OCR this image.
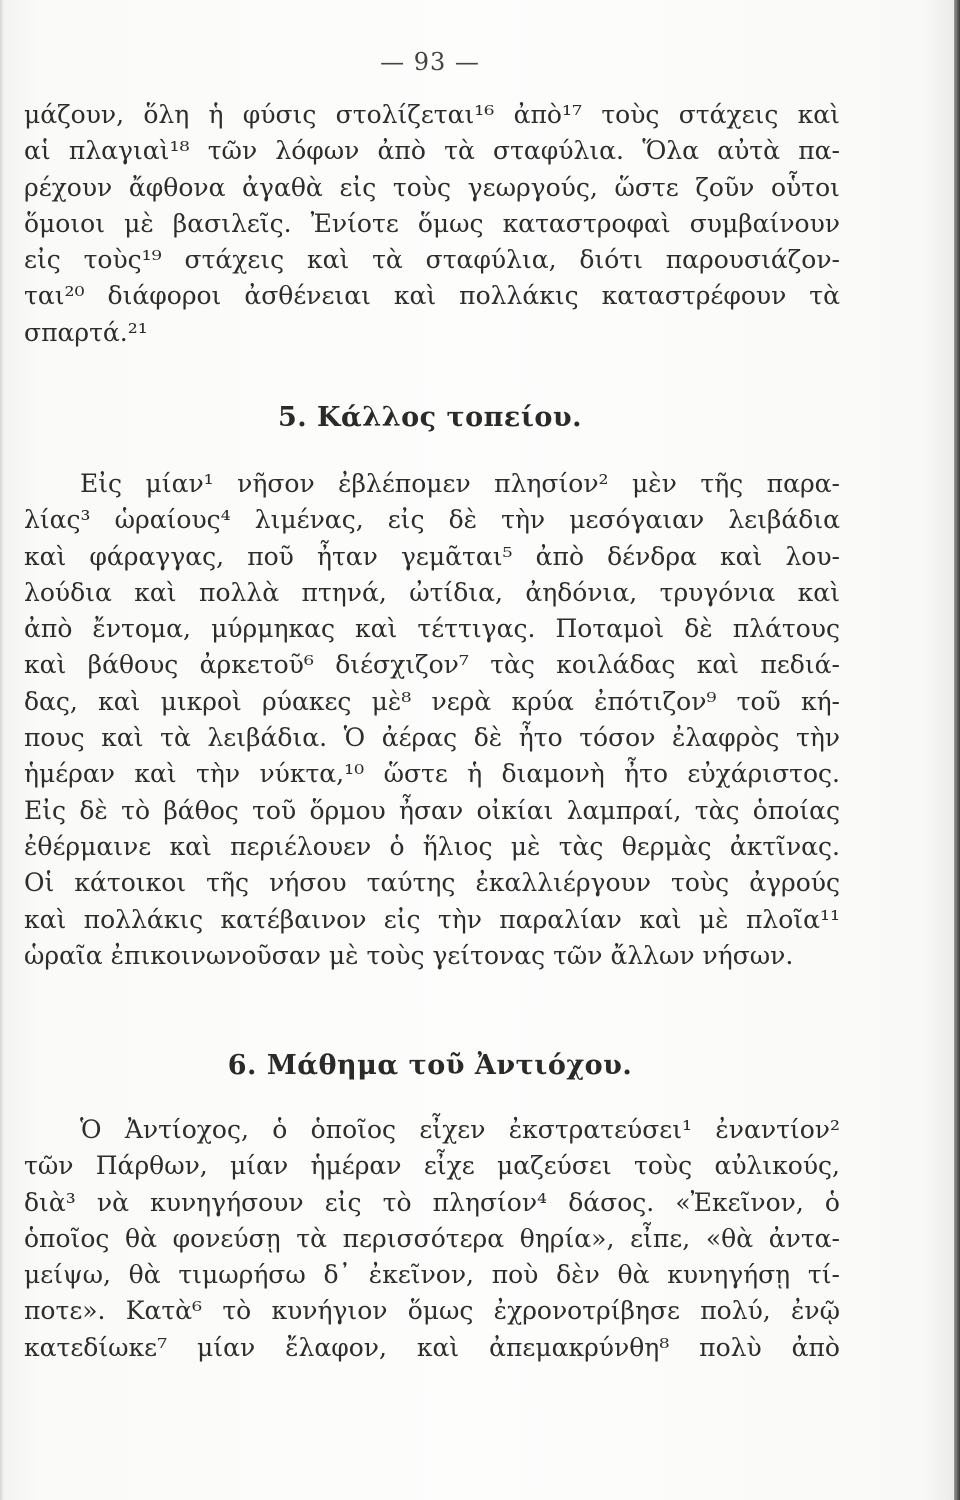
— 93 —
μάζουν, ὅλη ἡ φύσις στολίζεται¹⁶ ἀπὸ¹⁷ τοὺς στάχεις καὶ
αἱ πλαγιαὶ¹⁸ τῶν λόφων ἀπὸ τὰ σταφύλια. Ὅλα αὐτὰ πα-
ρέχουν ἄφθονα ἀγαθὰ εἰς τοὺς γεωργούς, ὥστε ζοῦν οὗτοι
ὅμοιοι μὲ βασιλεῖς. Ἐνίοτε ὅμως καταστροφαὶ συμβαίνουν
εἰς τοὺς¹⁹ στάχεις καὶ τὰ σταφύλια, διότι παρουσιάζον-
ται²⁰ διάφοροι ἀσθένειαι καὶ πολλάκις καταστρέφουν τὰ
σπαρτά.²¹
5. Κάλλος τοπείου.
Εἰς μίαν¹ νῆσον ἐβλέπομεν πλησίον² μὲν τῆς παρα-
λίας³ ὡραίους⁴ λιμένας, εἰς δὲ τὴν μεσόγαιαν λειβάδια
καὶ φάραγγας, ποῦ ἦταν γεμᾶται⁵ ἀπὸ δένδρα καὶ λου-
λούδια καὶ πολλὰ πτηνά, ὠτίδια, ἀηδόνια, τρυγόνια καὶ
ἀπὸ ἔντομα, μύρμηκας καὶ τέττιγας. Ποταμοὶ δὲ πλάτους
καὶ βάθους ἀρκετοῦ⁶ διέσχιζον⁷ τὰς κοιλάδας καὶ πεδιά-
δας, καὶ μικροὶ ρύακες μὲ⁸ νερὰ κρύα ἐπότιζον⁹ τοῦ κή-
πους καὶ τὰ λειβάδια. Ὁ ἀέρας δὲ ἦτο τόσον ἐλαφρὸς τὴν
ἡμέραν καὶ τὴν νύκτα,¹⁰ ὥστε ἡ διαμονὴ ἦτο εὐχάριστος.
Εἰς δὲ τὸ βάθος τοῦ ὅρμου ἦσαν οἰκίαι λαμπραί, τὰς ὁποίας
ἐθέρμαινε καὶ περιέλουεν ὁ ἥλιος μὲ τὰς θερμὰς ἀκτῖνας.
Οἱ κάτοικοι τῆς νήσου ταύτης ἐκαλλιέργουν τοὺς ἀγρούς
καὶ πολλάκις κατέβαινον εἰς τὴν παραλίαν καὶ μὲ πλοῖα¹¹
ὡραῖα ἐπικοινωνοῦσαν μὲ τοὺς γείτονας τῶν ἄλλων νήσων.
6. Μάθημα τοῦ Ἀντιόχου.
Ὁ Ἀντίοχος, ὁ ὁποῖος εἶχεν ἐκστρατεύσει¹ ἐναντίον²
τῶν Πάρθων, μίαν ἡμέραν εἶχε μαζεύσει τοὺς αὐλικούς,
διὰ³ νὰ κυνηγήσουν εἰς τὸ πλησίον⁴ δάσος. «Ἐκεῖνον, ὁ
ὁποῖος θὰ φονεύσῃ τὰ περισσότερα θηρία», εἶπε, «θὰ ἀντα-
μείψω, θὰ τιμωρήσω δ᾽ ἐκεῖνον, ποὺ δὲν θὰ κυνηγήσῃ τί-
ποτε». Κατὰ⁶ τὸ κυνήγιον ὅμως ἐχρονοτρίβησε πολύ, ἐνῷ
κατεδίωκε⁷ μίαν ἔλαφον, καὶ ἀπεμακρύνθη⁸ πολὺ ἀπὸ
